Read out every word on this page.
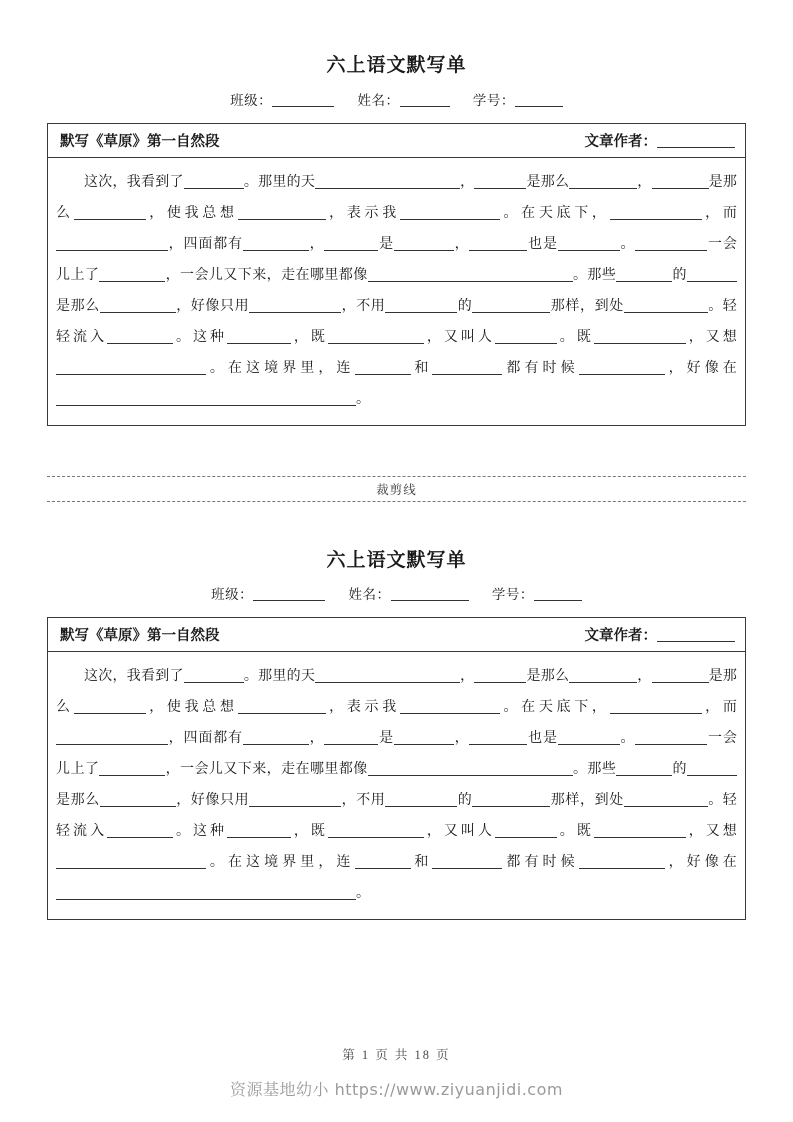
六上语文默写单
班级：	姓名：	学号：
默写《草原》第一自然段	文章作者：

这次，我看到了	。那里的天	，	是那么	，	是那么	，使我总想	，表示我	。在天底下，	，而，四面都有	，	是	，	也是	。	一会儿上了	，一会儿又下来，走在哪里都像	。那些	的是那么	，好像只用	，不用	的	那样，到处	。轻轻流入	。这种	，既	，又叫人	。既	，又想。在这境界里，连	和	都有时候	，好像在。

裁剪线
六上语文默写单
班级：	姓名：	学号：
默写《草原》第一自然段	文章作者：

这次，我看到了	。那里的天	，	是那么	，	是那么	，使我总想	，表示我	。在天底下，	，而，四面都有	，	是	，	也是	。	一会儿上了	，一会儿又下来，走在哪里都像	。那些	的是那么	，好像只用	，不用	的	那样，到处	。轻轻流入	。这种	，既	，又叫人	。既	，又想。在这境界里，连	和	都有时候	，好像在。

第 1 页 共 18 页
资源基地幼小 https://www.ziyuanjidi.com
